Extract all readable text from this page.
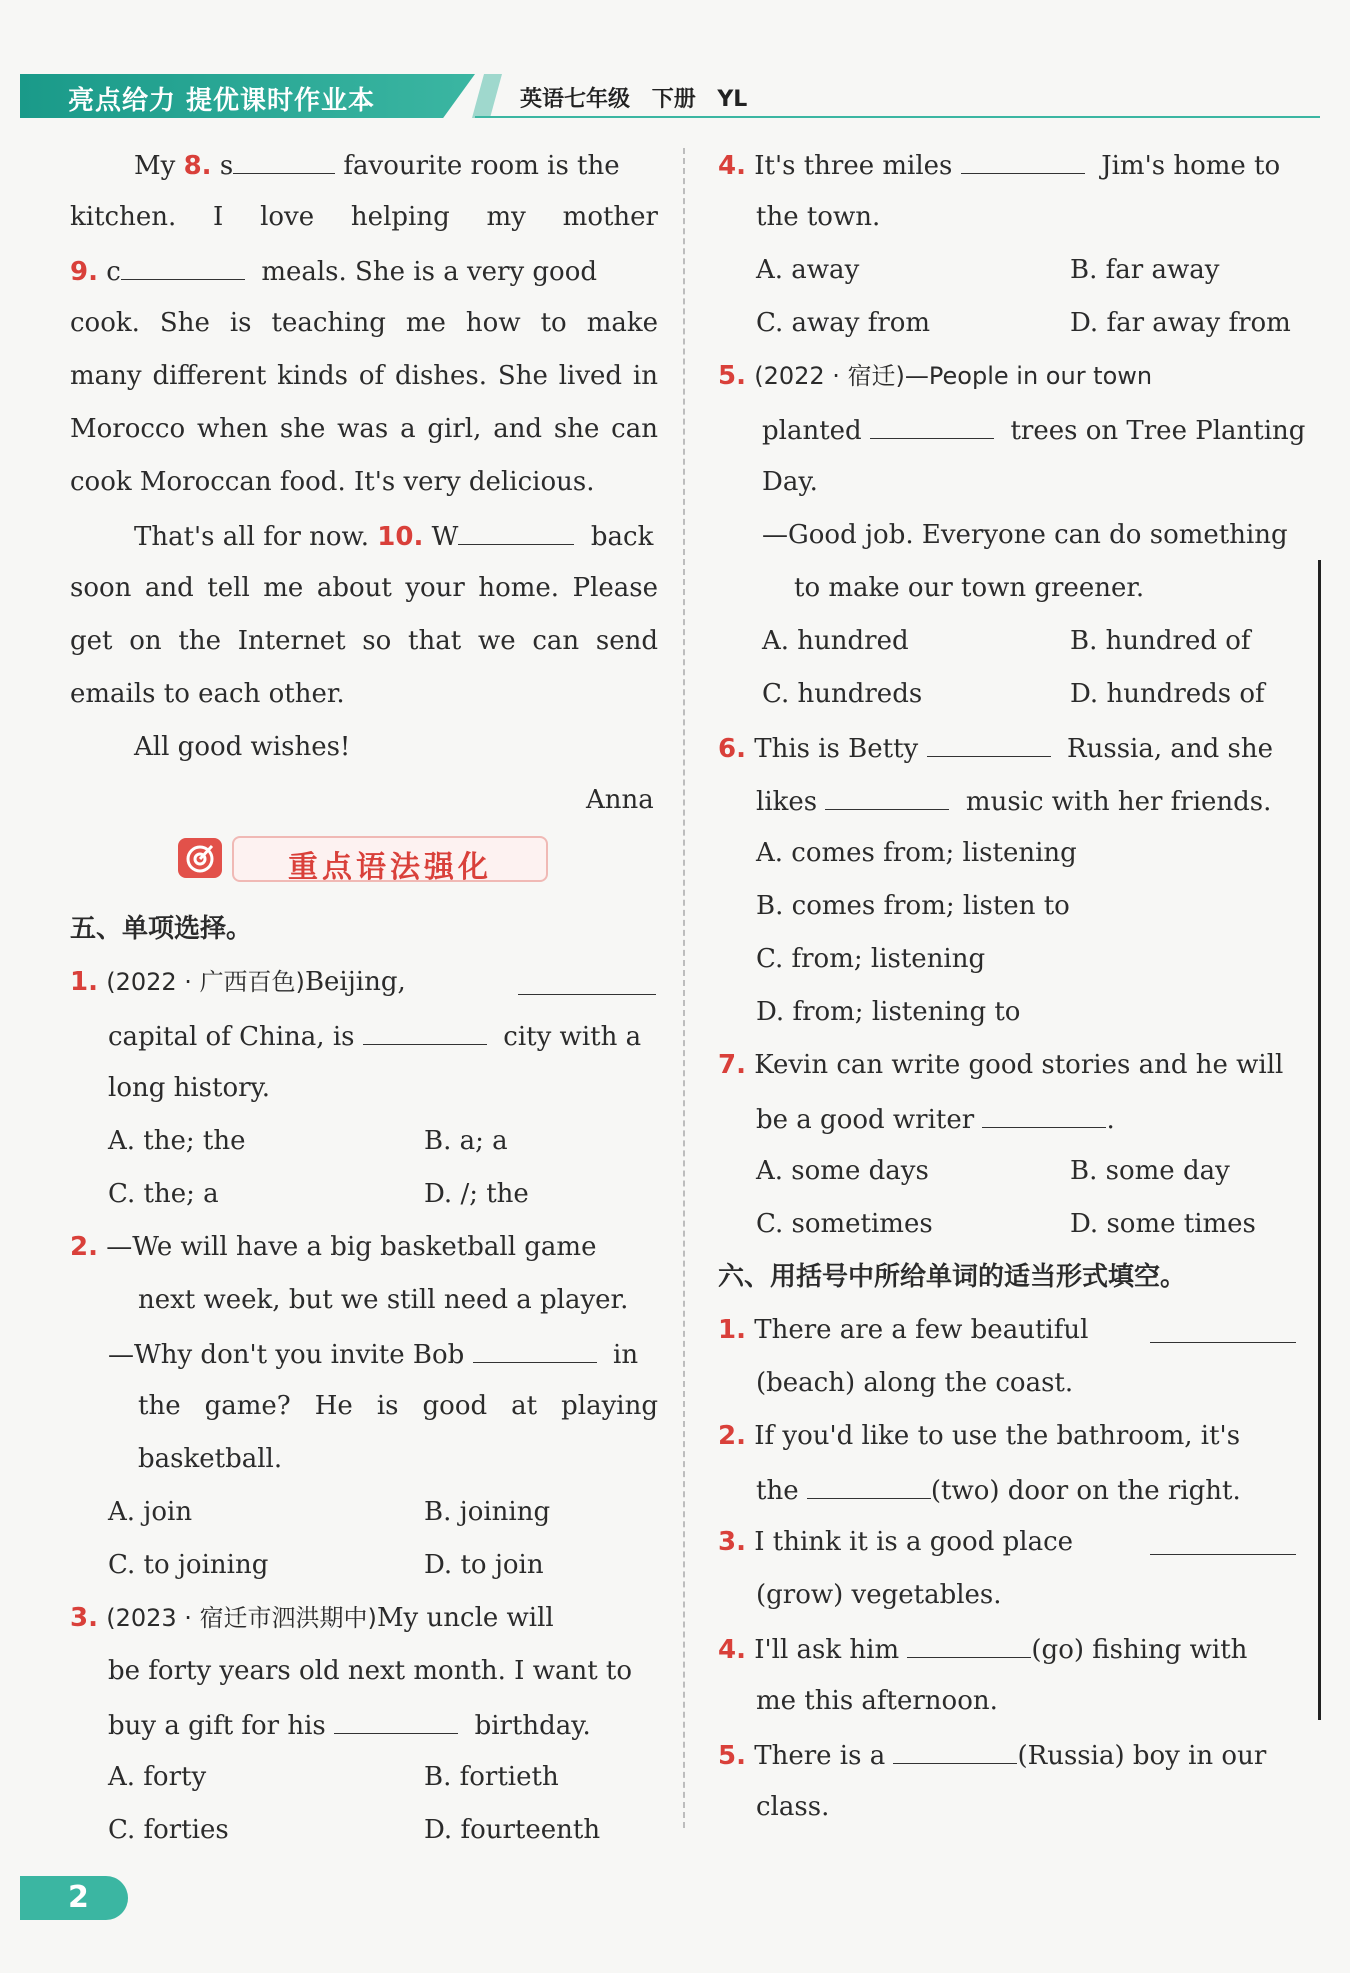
亮点给力 提优课时作业本	英语七年级 下册 YL
My 8. s	favourite room is the
kitchen. I love helping my mother
9. c	meals. She is a very good
cook. She is teaching me how to make
many different kinds of dishes. She lived in
Morocco when she was a girl, and she can
cook Moroccan food. It's very delicious.
That's all for now. 10. W	back
soon and tell me about your home. Please
get on the Internet so that we can send
emails to each other.
All good wishes!
Anna
重点语法强化
五、单项选择。
1. (2022 · 广西百色)Beijing,
capital of China, is	city with a
long history.
A. the; the	B. a; a
C. the; a	D. /; the
2. —We will have a big basketball game
next week, but we still need a player.
—Why don't you invite Bob	in
the game? He is good at playing
basketball.
A. join	B. joining
C. to joining	D. to join
3. (2023 · 宿迁市泗洪期中)My uncle will
be forty years old next month. I want to
buy a gift for his	birthday.
A. forty	B. fortieth
C. forties	D. fourteenth
4. It's three miles	Jim's home to
the town.
A. away	B. far away
C. away from	D. far away from
5. (2022 · 宿迁)—People in our town
planted	trees on Tree Planting
Day.
—Good job. Everyone can do something
to make our town greener.
A. hundred	B. hundred of
C. hundreds	D. hundreds of
6. This is Betty	Russia, and she
likes	music with her friends.
A. comes from; listening
B. comes from; listen to
C. from; listening
D. from; listening to
7. Kevin can write good stories and he will
be a good writer	.
A. some days	B. some day
C. sometimes	D. some times
六、用括号中所给单词的适当形式填空。
1. There are a few beautiful
(beach) along the coast.
2. If you'd like to use the bathroom, it's
the	(two) door on the right.
3. I think it is a good place
(grow) vegetables.
4. I'll ask him	(go) fishing with
me this afternoon.
5. There is a	(Russia) boy in our
class.
2
